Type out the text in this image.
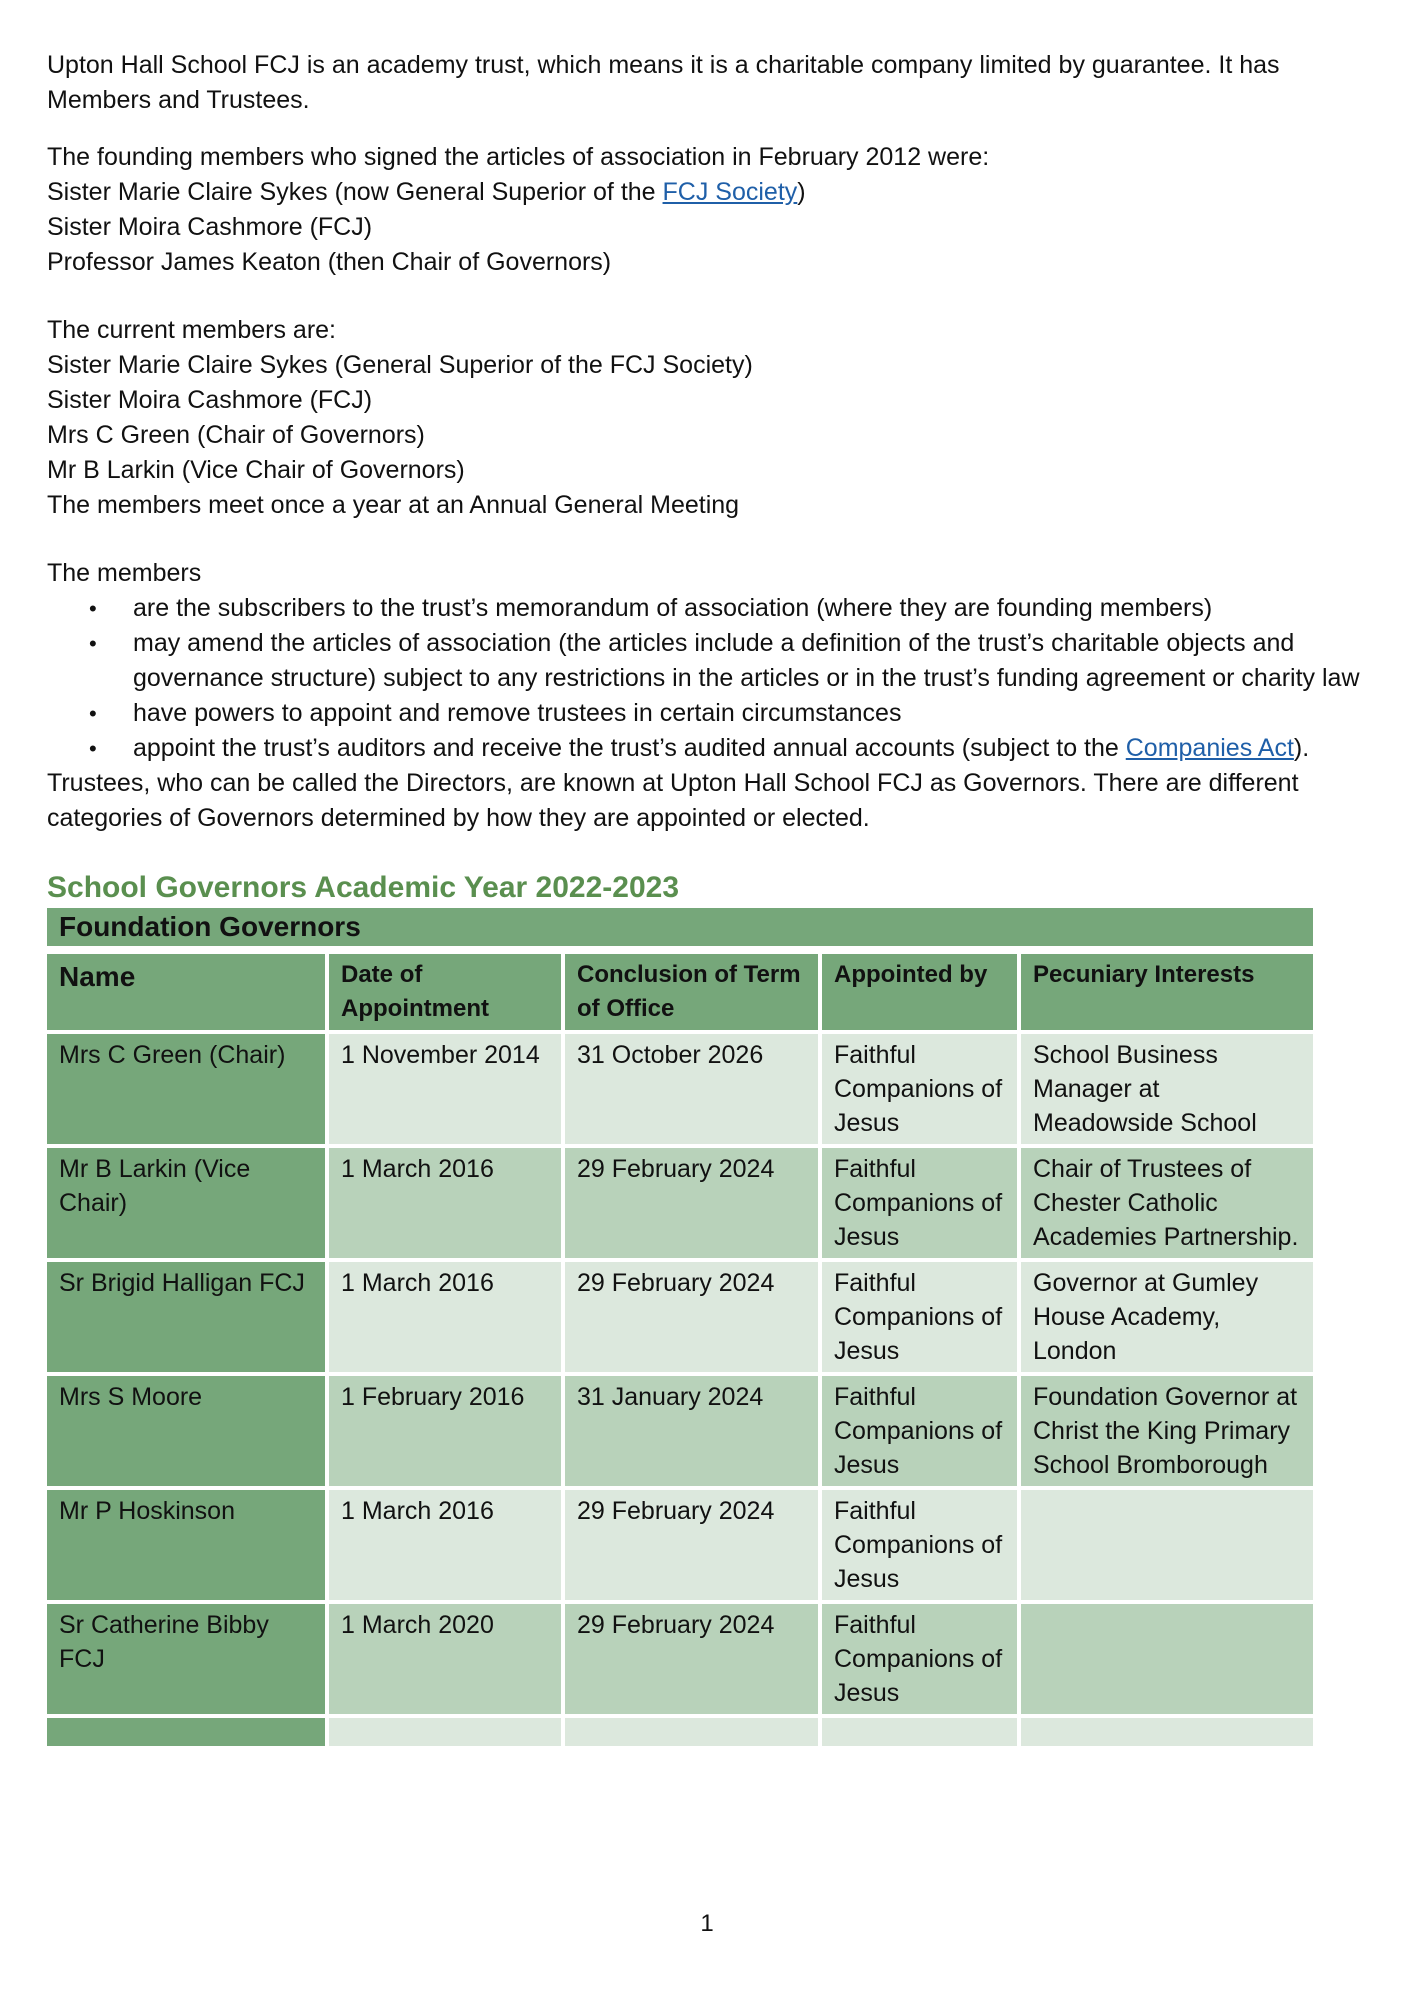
Upton Hall School FCJ is an academy trust, which means it is a charitable company limited by guarantee. It has Members and Trustees.

The founding members who signed the articles of association in February 2012 were:

Sister Marie Claire Sykes (now General Superior of the FCJ Society)

Sister Moira Cashmore (FCJ)

Professor James Keaton (then Chair of Governors)

The current members are:

Sister Marie Claire Sykes (General Superior of the FCJ Society)

Sister Moira Cashmore (FCJ)

Mrs C Green (Chair of Governors)

Mr B Larkin (Vice Chair of Governors)

The members meet once a year at an Annual General Meeting

The members

• are the subscribers to the trust’s memorandum of association (where they are founding members)
• may amend the articles of association (the articles include a definition of the trust’s charitable objects and governance structure) subject to any restrictions in the articles or in the trust’s funding agreement or charity law
• have powers to appoint and remove trustees in certain circumstances
• appoint the trust’s auditors and receive the trust’s audited annual accounts (subject to the Companies Act).

Trustees, who can be called the Directors, are known at Upton Hall School FCJ as Governors. There are different categories of Governors determined by how they are appointed or elected.

School Governors Academic Year 2022-2023
Foundation Governors				
Name	Date of Appointment	Conclusion of Term of Office	Appointed by	Pecuniary Interests
Mrs C Green (Chair)	1 November 2014	31 October 2026	Faithful Companions of Jesus	School Business Manager at Meadowside School
Mr B Larkin (Vice Chair)	1 March 2016	29 February 2024	Faithful Companions of Jesus	Chair of Trustees of Chester Catholic Academies Partnership.
Sr Brigid Halligan FCJ	1 March 2016	29 February 2024	Faithful Companions of Jesus	Governor at Gumley House Academy, London
Mrs S Moore	1 February 2016	31 January 2024	Faithful Companions of Jesus	Foundation Governor at Christ the King Primary School Bromborough
Mr P Hoskinson	1 March 2016	29 February 2024	Faithful Companions of Jesus	
Sr Catherine Bibby FCJ	1 March 2020	29 February 2024	Faithful Companions of Jesus	

1
